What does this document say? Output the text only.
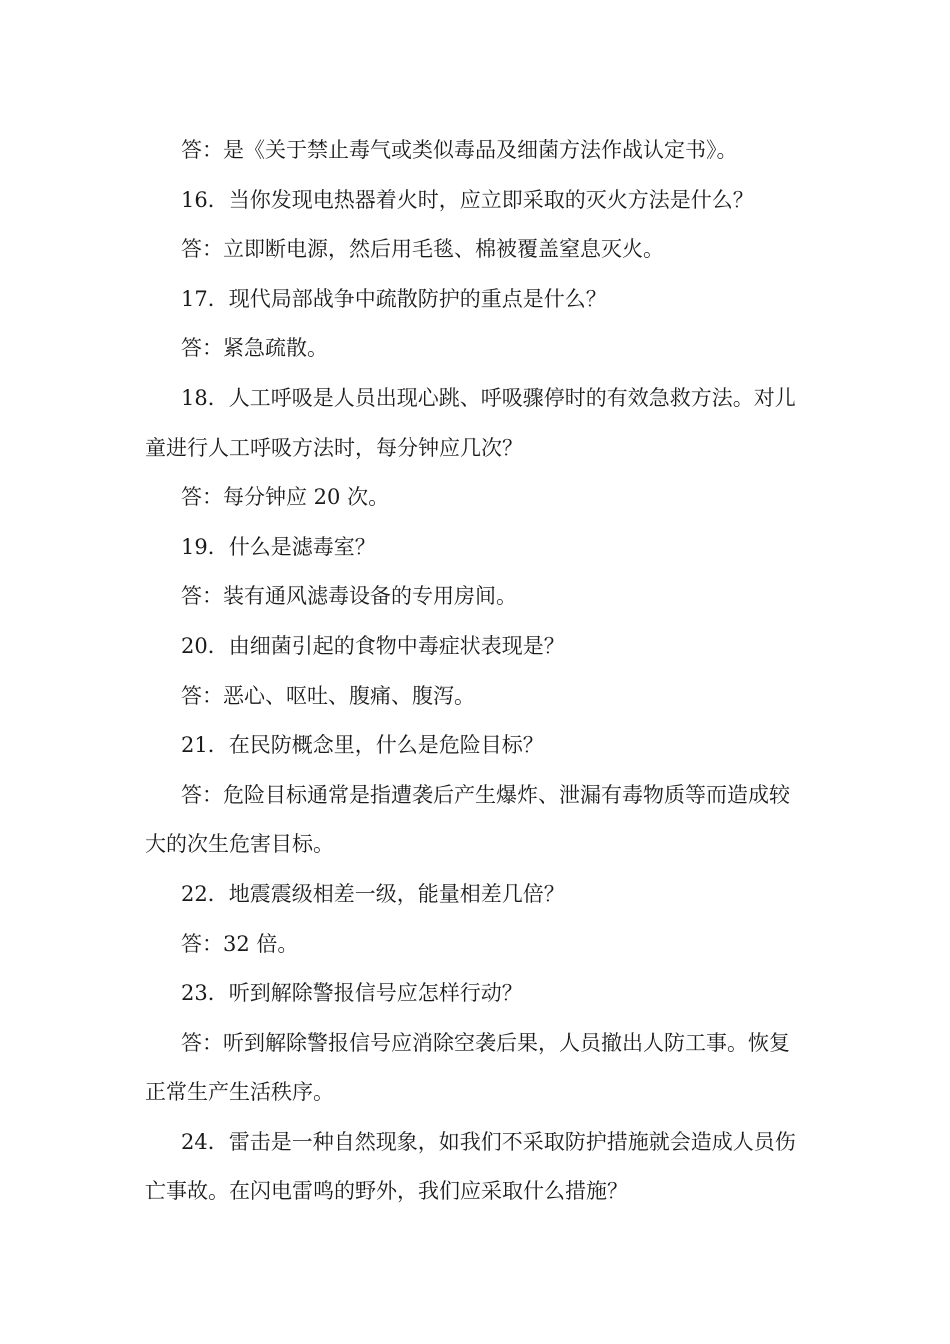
答：是《关于禁止毒气或类似毒品及细菌方法作战认定书》。

16．当你发现电热器着火时，应立即采取的灭火方法是什么？

答：立即断电源，然后用毛毯、棉被覆盖窒息灭火。

17．现代局部战争中疏散防护的重点是什么？

答：紧急疏散。

18．人工呼吸是人员出现心跳、呼吸骤停时的有效急救方法。对儿童进行人工呼吸方法时，每分钟应几次？

答：每分钟应 20 次。

19．什么是滤毒室？

答：装有通风滤毒设备的专用房间。

20．由细菌引起的食物中毒症状表现是？

答：恶心、呕吐、腹痛、腹泻。

21．在民防概念里，什么是危险目标？

答：危险目标通常是指遭袭后产生爆炸、泄漏有毒物质等而造成较大的次生危害目标。

22．地震震级相差一级，能量相差几倍？

答：32 倍。

23．听到解除警报信号应怎样行动？

答：听到解除警报信号应消除空袭后果，人员撤出人防工事。恢复正常生产生活秩序。

24．雷击是一种自然现象，如我们不采取防护措施就会造成人员伤亡事故。在闪电雷鸣的野外，我们应采取什么措施？
